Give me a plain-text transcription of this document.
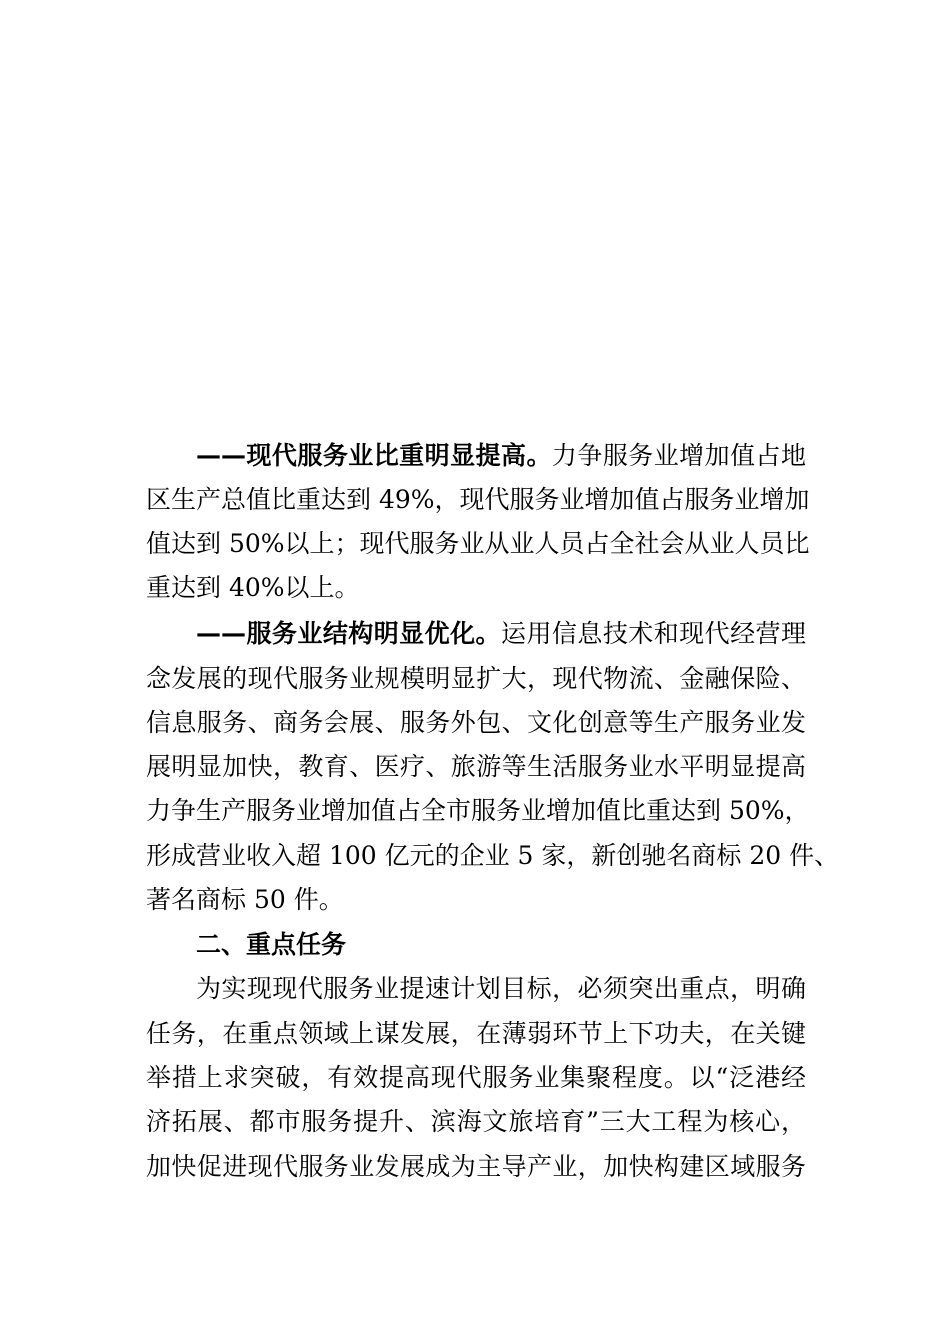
——现代服务业比重明显提高。力争服务业增加值占地
区生产总值比重达到 49%，现代服务业增加值占服务业增加
值达到 50%以上；现代服务业从业人员占全社会从业人员比
重达到 40%以上。
——服务业结构明显优化。运用信息技术和现代经营理
念发展的现代服务业规模明显扩大，现代物流、金融保险、
信息服务、商务会展、服务外包、文化创意等生产服务业发
展明显加快，教育、医疗、旅游等生活服务业水平明显提高
力争生产服务业增加值占全市服务业增加值比重达到 50%，
形成营业收入超 100 亿元的企业 5 家，新创驰名商标 20 件、
著名商标 50 件。
二、重点任务
为实现现代服务业提速计划目标，必须突出重点，明确
任务，在重点领域上谋发展，在薄弱环节上下功夫，在关键
举措上求突破，有效提高现代服务业集聚程度。以“泛港经
济拓展、都市服务提升、滨海文旅培育”三大工程为核心，
加快促进现代服务业发展成为主导产业，加快构建区域服务
